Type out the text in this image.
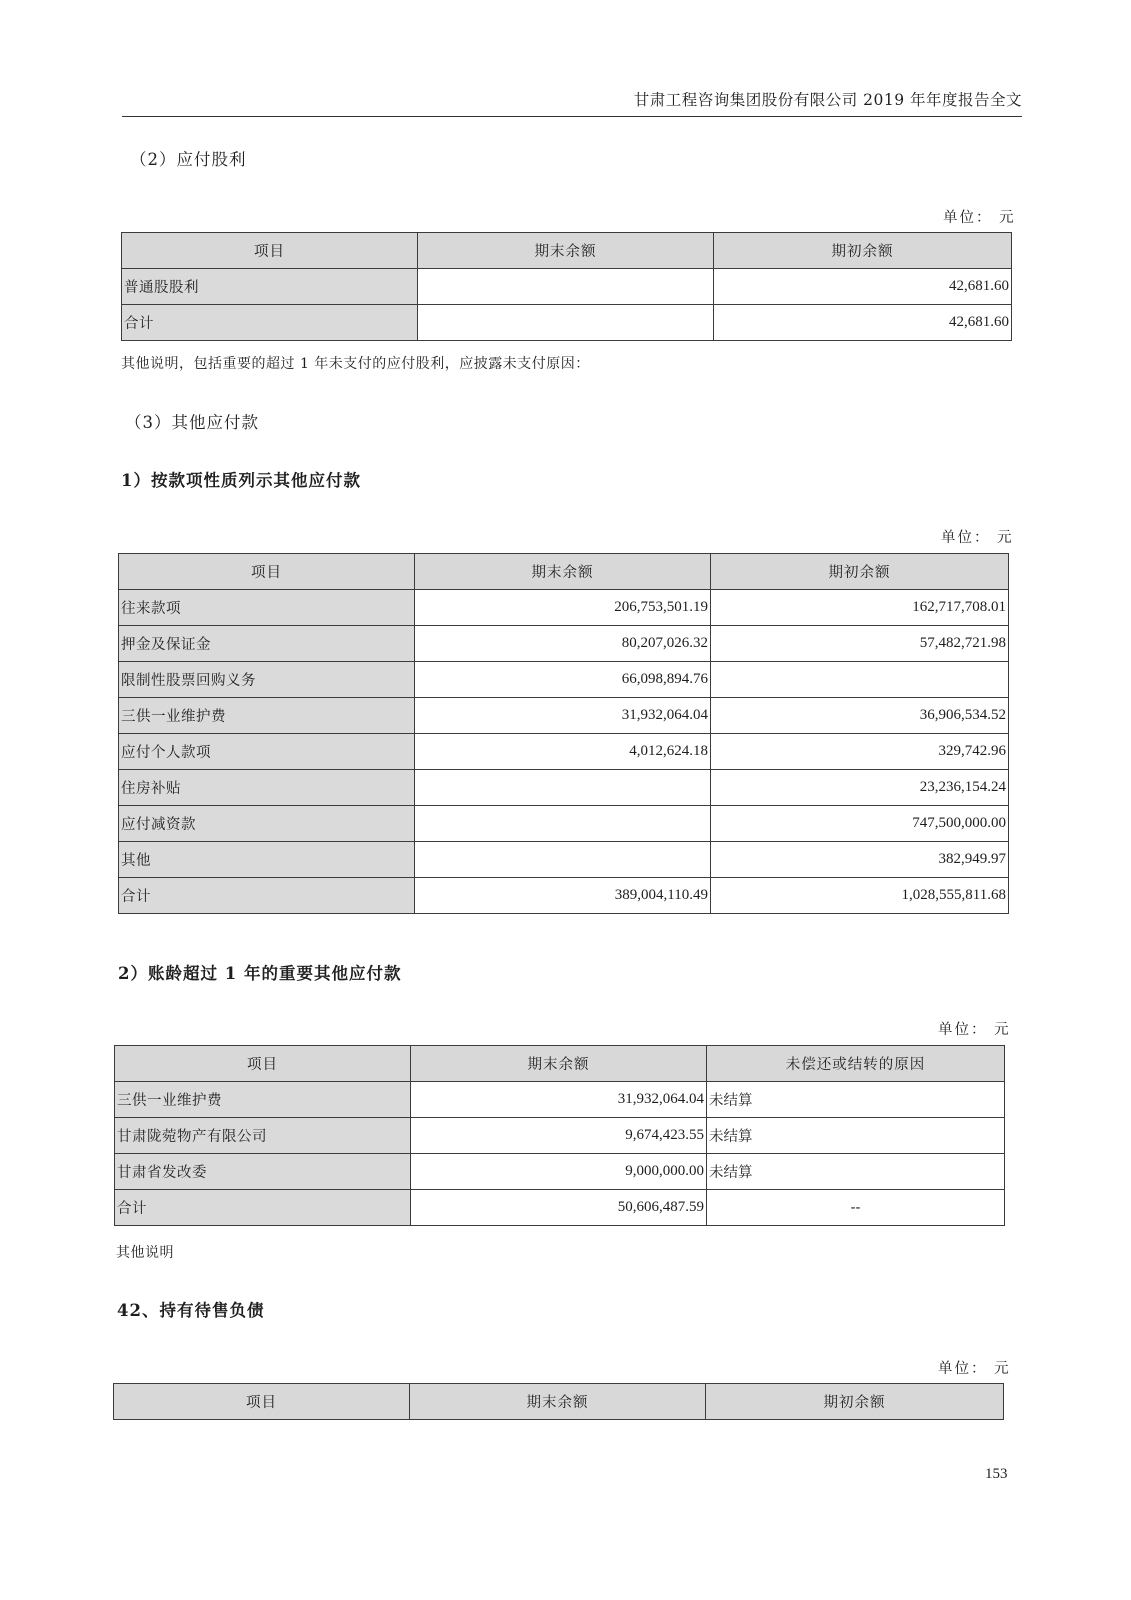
甘肃工程咨询集团股份有限公司 2019 年年度报告全文
（2）应付股利
单位： 元
项目	期末余额	期初余额
普通股股利		42,681.60
合计		42,681.60
其他说明，包括重要的超过 1 年未支付的应付股利，应披露未支付原因：
（3）其他应付款
1）按款项性质列示其他应付款
单位： 元
项目	期末余额	期初余额
往来款项	206,753,501.19	162,717,708.01
押金及保证金	80,207,026.32	57,482,721.98
限制性股票回购义务	66,098,894.76	
三供一业维护费	31,932,064.04	36,906,534.52
应付个人款项	4,012,624.18	329,742.96
住房补贴		23,236,154.24
应付减资款		747,500,000.00
其他		382,949.97
合计	389,004,110.49	1,028,555,811.68
2）账龄超过 1 年的重要其他应付款
单位： 元
项目	期末余额	未偿还或结转的原因
三供一业维护费	31,932,064.04	未结算
甘肃陇菀物产有限公司	9,674,423.55	未结算
甘肃省发改委	9,000,000.00	未结算
合计	50,606,487.59	--
其他说明
42、持有待售负债
单位： 元
项目	期末余额	期初余额
153
